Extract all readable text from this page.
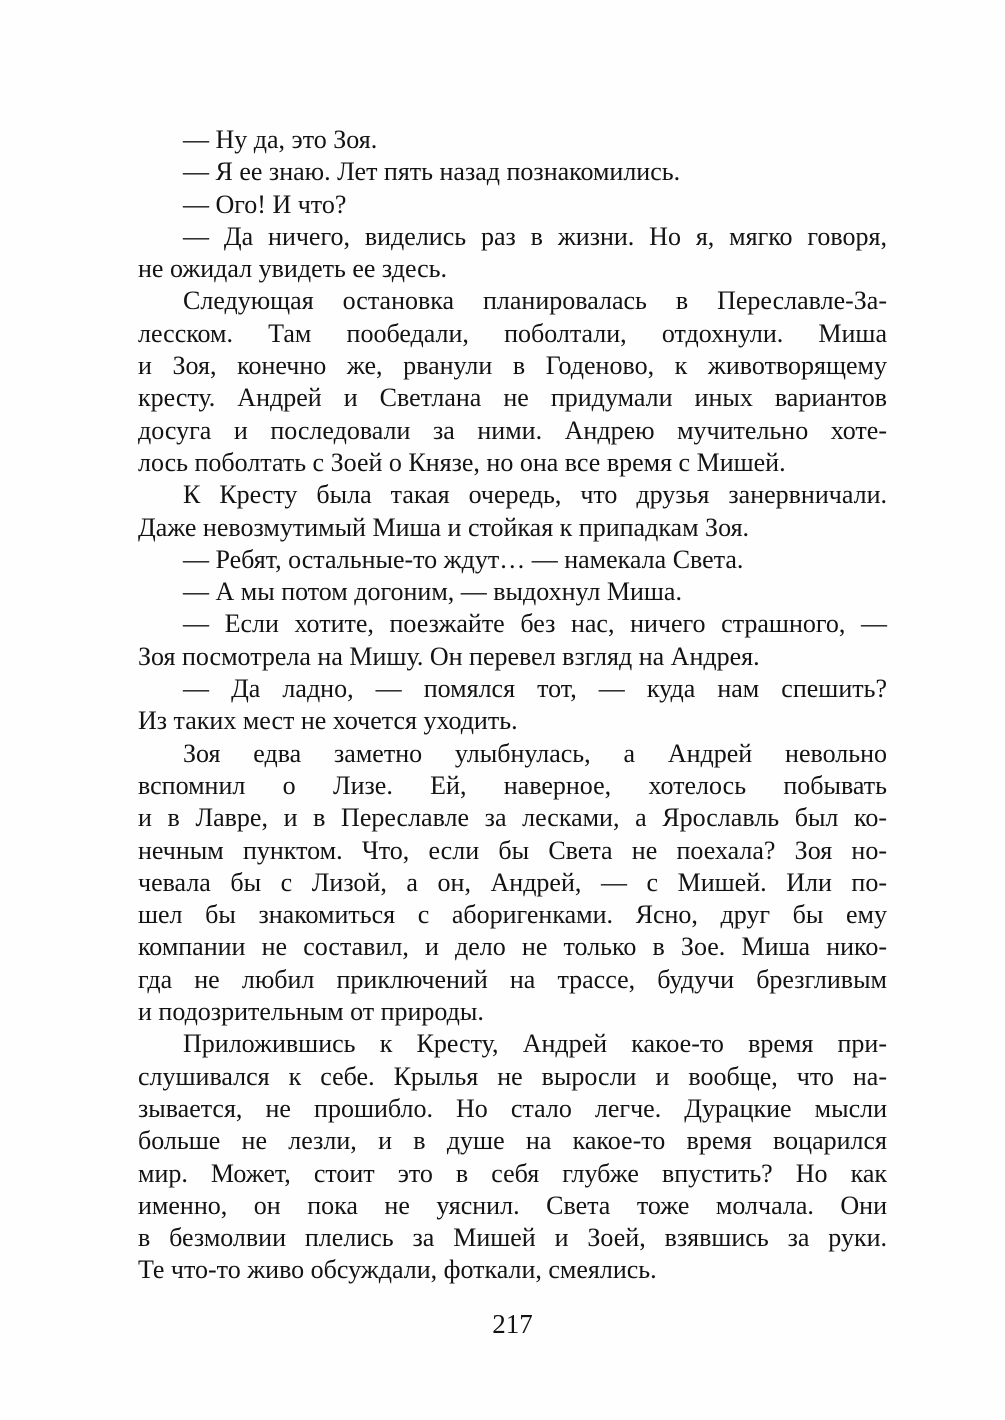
— Ну да, это Зоя.
— Я ее знаю. Лет пять назад познакомились.
— Ого! И что?
— Да ничего, виделись раз в жизни. Но я, мягко говоря,
не ожидал увидеть ее здесь.
Следующая остановка планировалась в Переславле-За-
лесском. Там пообедали, поболтали, отдохнули. Миша
и Зоя, конечно же, рванули в Годеново, к животворящему
кресту. Андрей и Светлана не придумали иных вариантов
досуга и последовали за ними. Андрею мучительно хоте-
лось поболтать с Зоей о Князе, но она все время с Мишей.
К Кресту была такая очередь, что друзья занервничали.
Даже невозмутимый Миша и стойкая к припадкам Зоя.
— Ребят, остальные-то ждут… — намекала Света.
— А мы потом догоним, — выдохнул Миша.
— Если хотите, поезжайте без нас, ничего страшного, —
Зоя посмотрела на Мишу. Он перевел взгляд на Андрея.
— Да ладно, — помялся тот, — куда нам спешить?
Из таких мест не хочется уходить.
Зоя едва заметно улыбнулась, а Андрей невольно
вспомнил о Лизе. Ей, наверное, хотелось побывать
и в Лавре, и в Переславле за лесками, а Ярославль был ко-
нечным пунктом. Что, если бы Света не поехала? Зоя но-
чевала бы с Лизой, а он, Андрей, — с Мишей. Или по-
шел бы знакомиться с аборигенками. Ясно, друг бы ему
компании не составил, и дело не только в Зое. Миша нико-
гда не любил приключений на трассе, будучи брезгливым
и подозрительным от природы.
Приложившись к Кресту, Андрей какое-то время при-
слушивался к себе. Крылья не выросли и вообще, что на-
зывается, не прошибло. Но стало легче. Дурацкие мысли
больше не лезли, и в душе на какое-то время воцарился
мир. Может, стоит это в себя глубже впустить? Но как
именно, он пока не уяснил. Света тоже молчала. Они
в безмолвии плелись за Мишей и Зоей, взявшись за руки.
Те что-то живо обсуждали, фоткали, смеялись.
217
